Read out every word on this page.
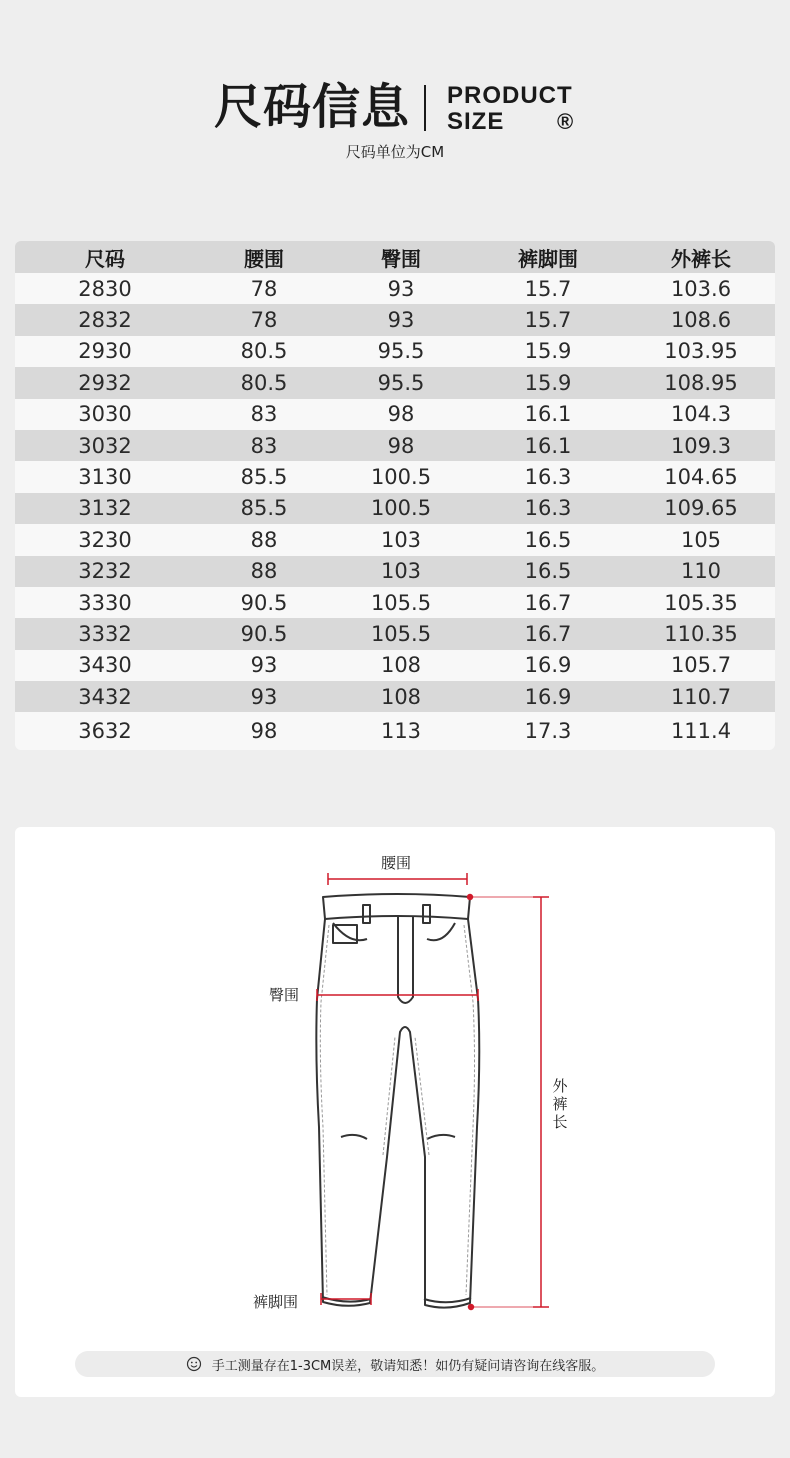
尺码信息 PRODUCT
SIZE	®
尺码单位为CM
尺码	腰围	臀围	裤脚围	外裤长
2830	78	93	15.7	103.6
2832	78	93	15.7	108.6
2930	80.5	95.5	15.9	103.95
2932	80.5	95.5	15.9	108.95
3030	83	98	16.1	104.3
3032	83	98	16.1	109.3
3130	85.5	100.5	16.3	104.65
3132	85.5	100.5	16.3	109.65
3230	88	103	16.5	105
3232	88	103	16.5	110
3330	90.5	105.5	16.7	105.35
3332	90.5	105.5	16.7	110.35
3430	93	108	16.9	105.7
3432	93	108	16.9	110.7
3632	98	113	17.3	111.4
腰围
臀围
外
裤
长
裤脚围
手工测量存在1-3CM误差，敬请知悉！如仍有疑问请咨询在线客服。
